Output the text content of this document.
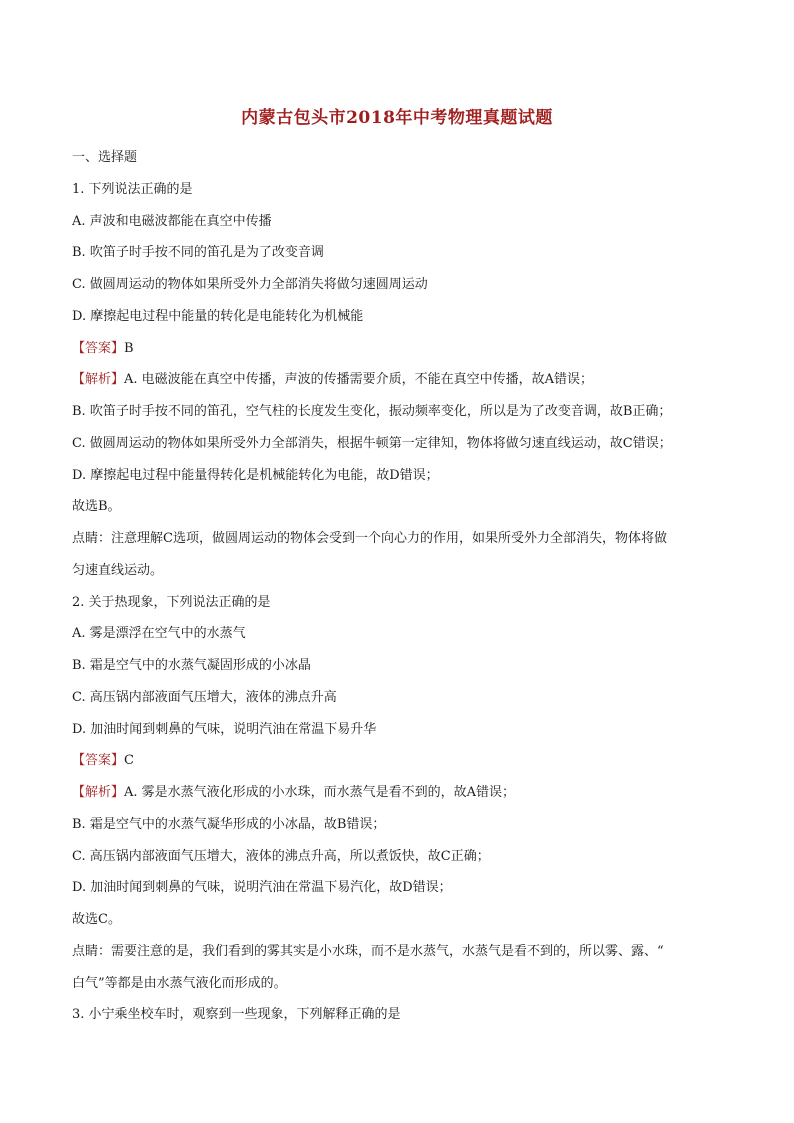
内蒙古包头市2018年中考物理真题试题
一、选择题
1. 下列说法正确的是
A. 声波和电磁波都能在真空中传播
B. 吹笛子时手按不同的笛孔是为了改变音调
C. 做圆周运动的物体如果所受外力全部消失将做匀速圆周运动
D. 摩擦起电过程中能量的转化是电能转化为机械能
【答案】B
【解析】A. 电磁波能在真空中传播，声波的传播需要介质，不能在真空中传播，故A错误；
B. 吹笛子时手按不同的笛孔，空气柱的长度发生变化，振动频率变化，所以是为了改变音调，故B正确；
C. 做圆周运动的物体如果所受外力全部消失，根据牛顿第一定律知，物体将做匀速直线运动，故C错误；
D. 摩擦起电过程中能量得转化是机械能转化为电能，故D错误；
故选B。
点睛：注意理解C选项，做圆周运动的物体会受到一个向心力的作用，如果所受外力全部消失，物体将做
匀速直线运动。
2. 关于热现象，下列说法正确的是
A. 雾是漂浮在空气中的水蒸气
B. 霜是空气中的水蒸气凝固形成的小冰晶
C. 高压锅内部液面气压增大，液体的沸点升高
D. 加油时闻到刺鼻的气味，说明汽油在常温下易升华
【答案】C
【解析】A. 雾是水蒸气液化形成的小水珠，而水蒸气是看不到的，故A错误；
B. 霜是空气中的水蒸气凝华形成的小冰晶，故B错误；
C. 高压锅内部液面气压增大，液体的沸点升高，所以煮饭快，故C正确；
D. 加油时闻到刺鼻的气味，说明汽油在常温下易汽化，故D错误；
故选C。
点睛：需要注意的是，我们看到的雾其实是小水珠，而不是水蒸气，水蒸气是看不到的，所以雾、露、“
白气”等都是由水蒸气液化而形成的。
3. 小宁乘坐校车时，观察到一些现象，下列解释正确的是
